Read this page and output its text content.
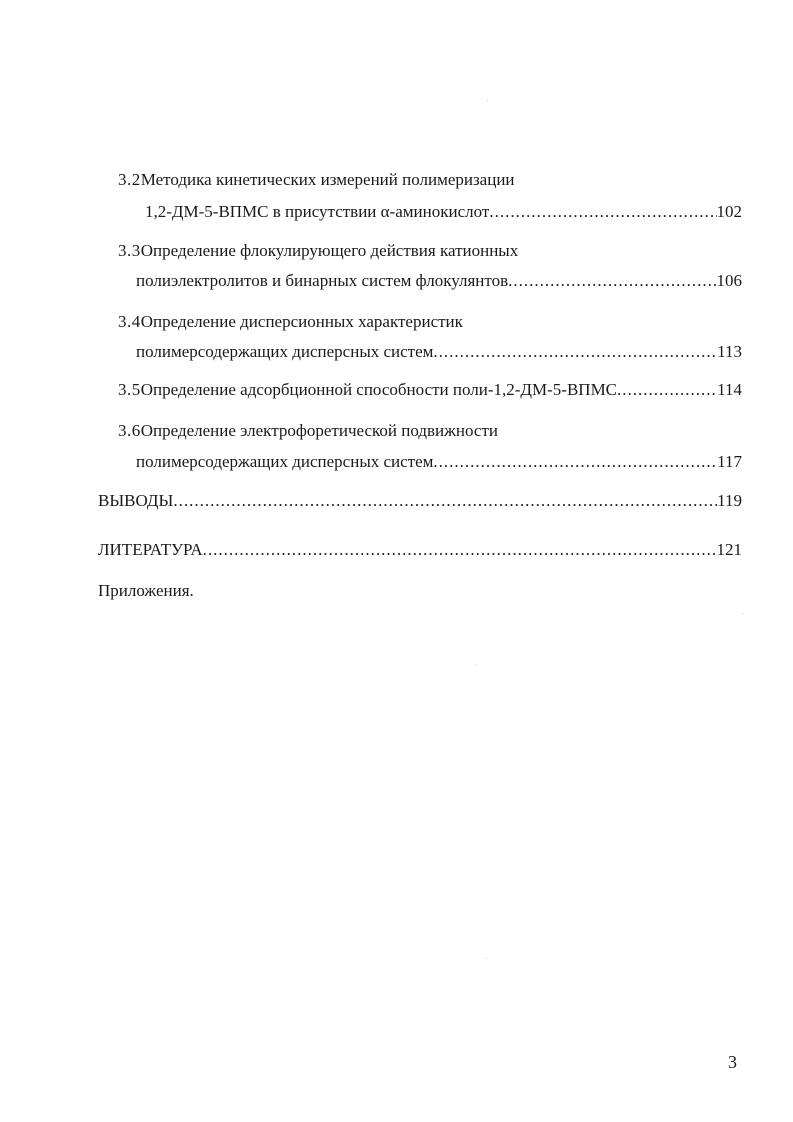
3.2Методика кинетических измерений полимеризации
1,2-ДМ-5-ВПМС в присутствии α-аминокислот .....	102
3.3Определение флокулирующего действия катионных
полиэлектролитов и бинарных систем флокулянтов .....	106
3.4Определение дисперсионных характеристик
полимерсодержащих дисперсных систем .....	113
3.5Определение адсорбционной способности поли-1,2-ДМ-5-ВПМС .....	114
3.6Определение электрофоретической подвижности
полимерсодержащих дисперсных систем .....	117
ВЫВОДЫ .....	119
ЛИТЕРАТУРА .....	121
Приложения.
3
